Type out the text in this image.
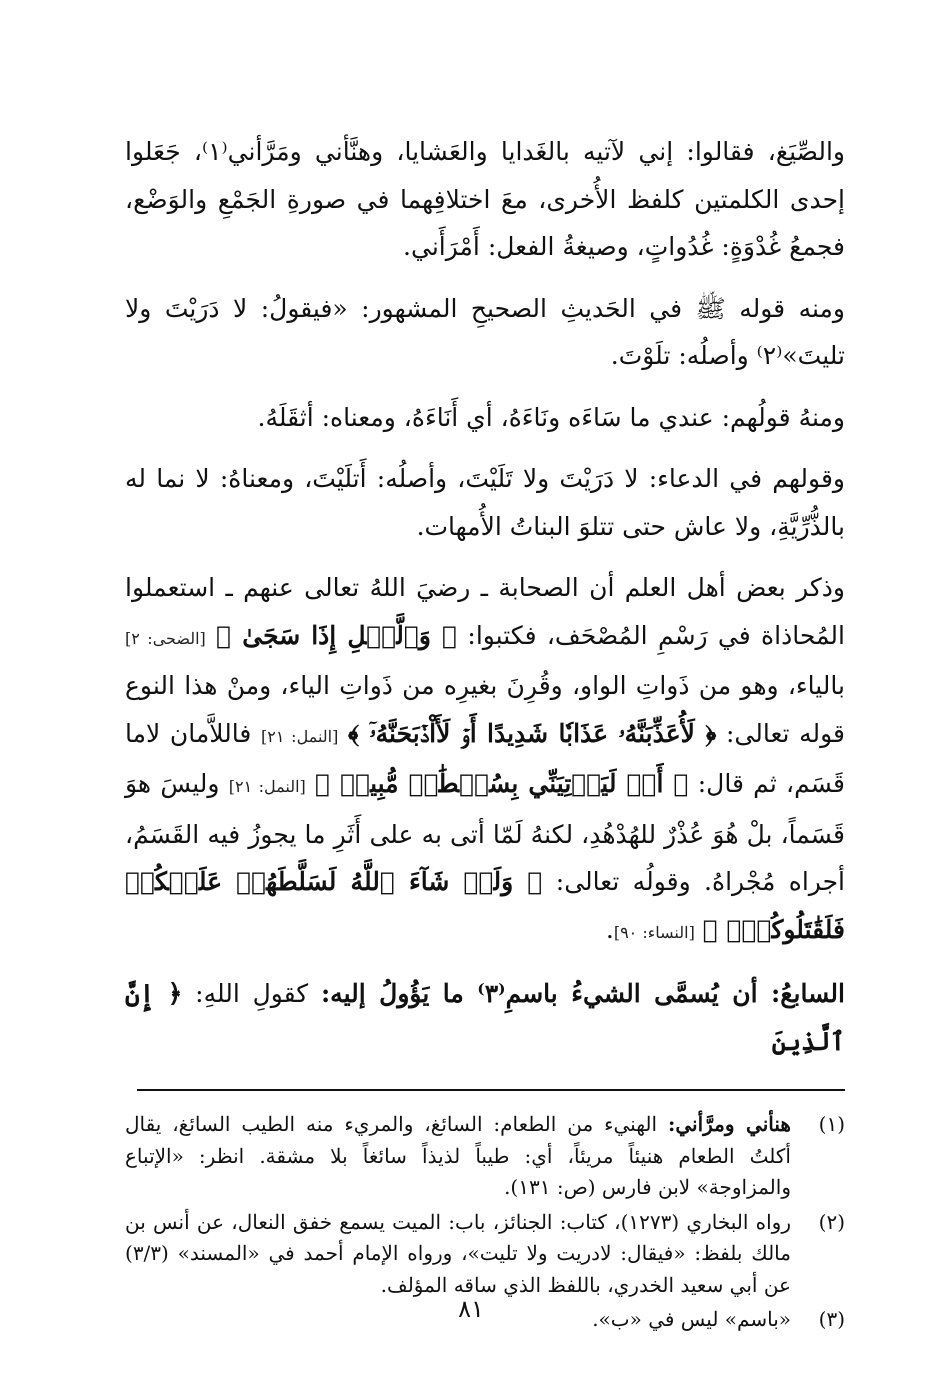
والصِّيَغ، فقالوا: إني لآتيه بالغَدايا والعَشايا، وهنَّأني ومَرَّأني⁽١⁾، جَعَلوا إحدى الكلمتين كلفظ الأُخرى، معَ اختلافِهما في صورةِ الجَمْعِ والوَضْع، فجمعُ غُدْوَةٍ: غُدُواتٍ، وصيغةُ الفعل: أَمْرَأَني.

ومنه قوله ﷺ في الحَديثِ الصحيحِ المشهور: «فيقولُ: لا دَرَيْتَ ولا تليتَ»⁽٢⁾ وأصلُه: تلَوْتَ.

ومنهُ قولُهم: عندي ما سَاءَه ونَاءَهُ، أي أَنَاءَهُ، ومعناه: أثقَلَهُ.

وقولهم في الدعاء: لا دَرَيْتَ ولا تَلَيْتَ، وأصلُه: أَتلَيْتَ، ومعناهُ: لا نما له بالذُّرِّيَّةِ، ولا عاش حتى تتلوَ البناتُ الأُمهات.

وذكر بعض أهل العلم أن الصحابة ـ رضيَ اللهُ تعالى عنهم ـ استعملوا المُحاذاة في رَسْمِ المُصْحَف، فكتبوا: ﴿ وَٱلَّيۡلِ إِذَا سَجَىٰ ﴾ [الضحى: ٢] بالياء، وهو من ذَواتِ الواو، وقُرِنَ بغيرِه من ذَواتِ الياء، ومنْ هذا النوع قوله تعالى: ﴿ لَأُعَذِّبَنَّهُۥ عَذَابٗا شَدِيدًا أَوۡ لَأَاْذۡبَحَنَّهُۥٓ ﴾ [النمل: ٢١] فاللاَّمان لاما قَسَم، ثم قال: ﴿ أَوۡ لَيَأۡتِيَنِّي بِسُلۡطَٰنٖ مُّبِينٖ ﴾ [النمل: ٢١] وليسَ هوَ قَسَماً، بلْ هُوَ عُذْرٌ للهُدْهُدِ، لكنهُ لَمّا أتى به على أَثَرِ ما يجوزُ فيه القَسَمُ، أجراه مُجْراهُ. وقولُه تعالى: ﴿ وَلَوۡ شَآءَ ٱللَّهُ لَسَلَّطَهُمۡ عَلَيۡكُمۡ فَلَقَٰتَلُوكُمۡۚ ﴾ [النساء: ٩٠].

السابعُ: أن يُسمَّى الشيءُ باسمِ⁽٣⁾ ما يَؤُولُ إليه: كقولِ اللهِ: ﴿ إِنَّ ٱلَّذِينَ

(١)
هنأني ومرَّأني: الهنيء من الطعام: السائغ، والمريء منه الطيب السائغ، يقال أكلتُ الطعام هنيئاً مريئاً، أي: طيباً لذيذاً سائغاً بلا مشقة. انظر: «الإتباع والمزاوجة» لابن فارس (ص: ١٣١).
(٢)
رواه البخاري (١٢٧٣)، كتاب: الجنائز، باب: الميت يسمع خفق النعال، عن أنس بن مالك بلفظ: «فيقال: لادريت ولا تليت»، ورواه الإمام أحمد في «المسند» (٣/٣) عن أبي سعيد الخدري، باللفظ الذي ساقه المؤلف.
(٣)
«باسم» ليس في «ب».
٨١
